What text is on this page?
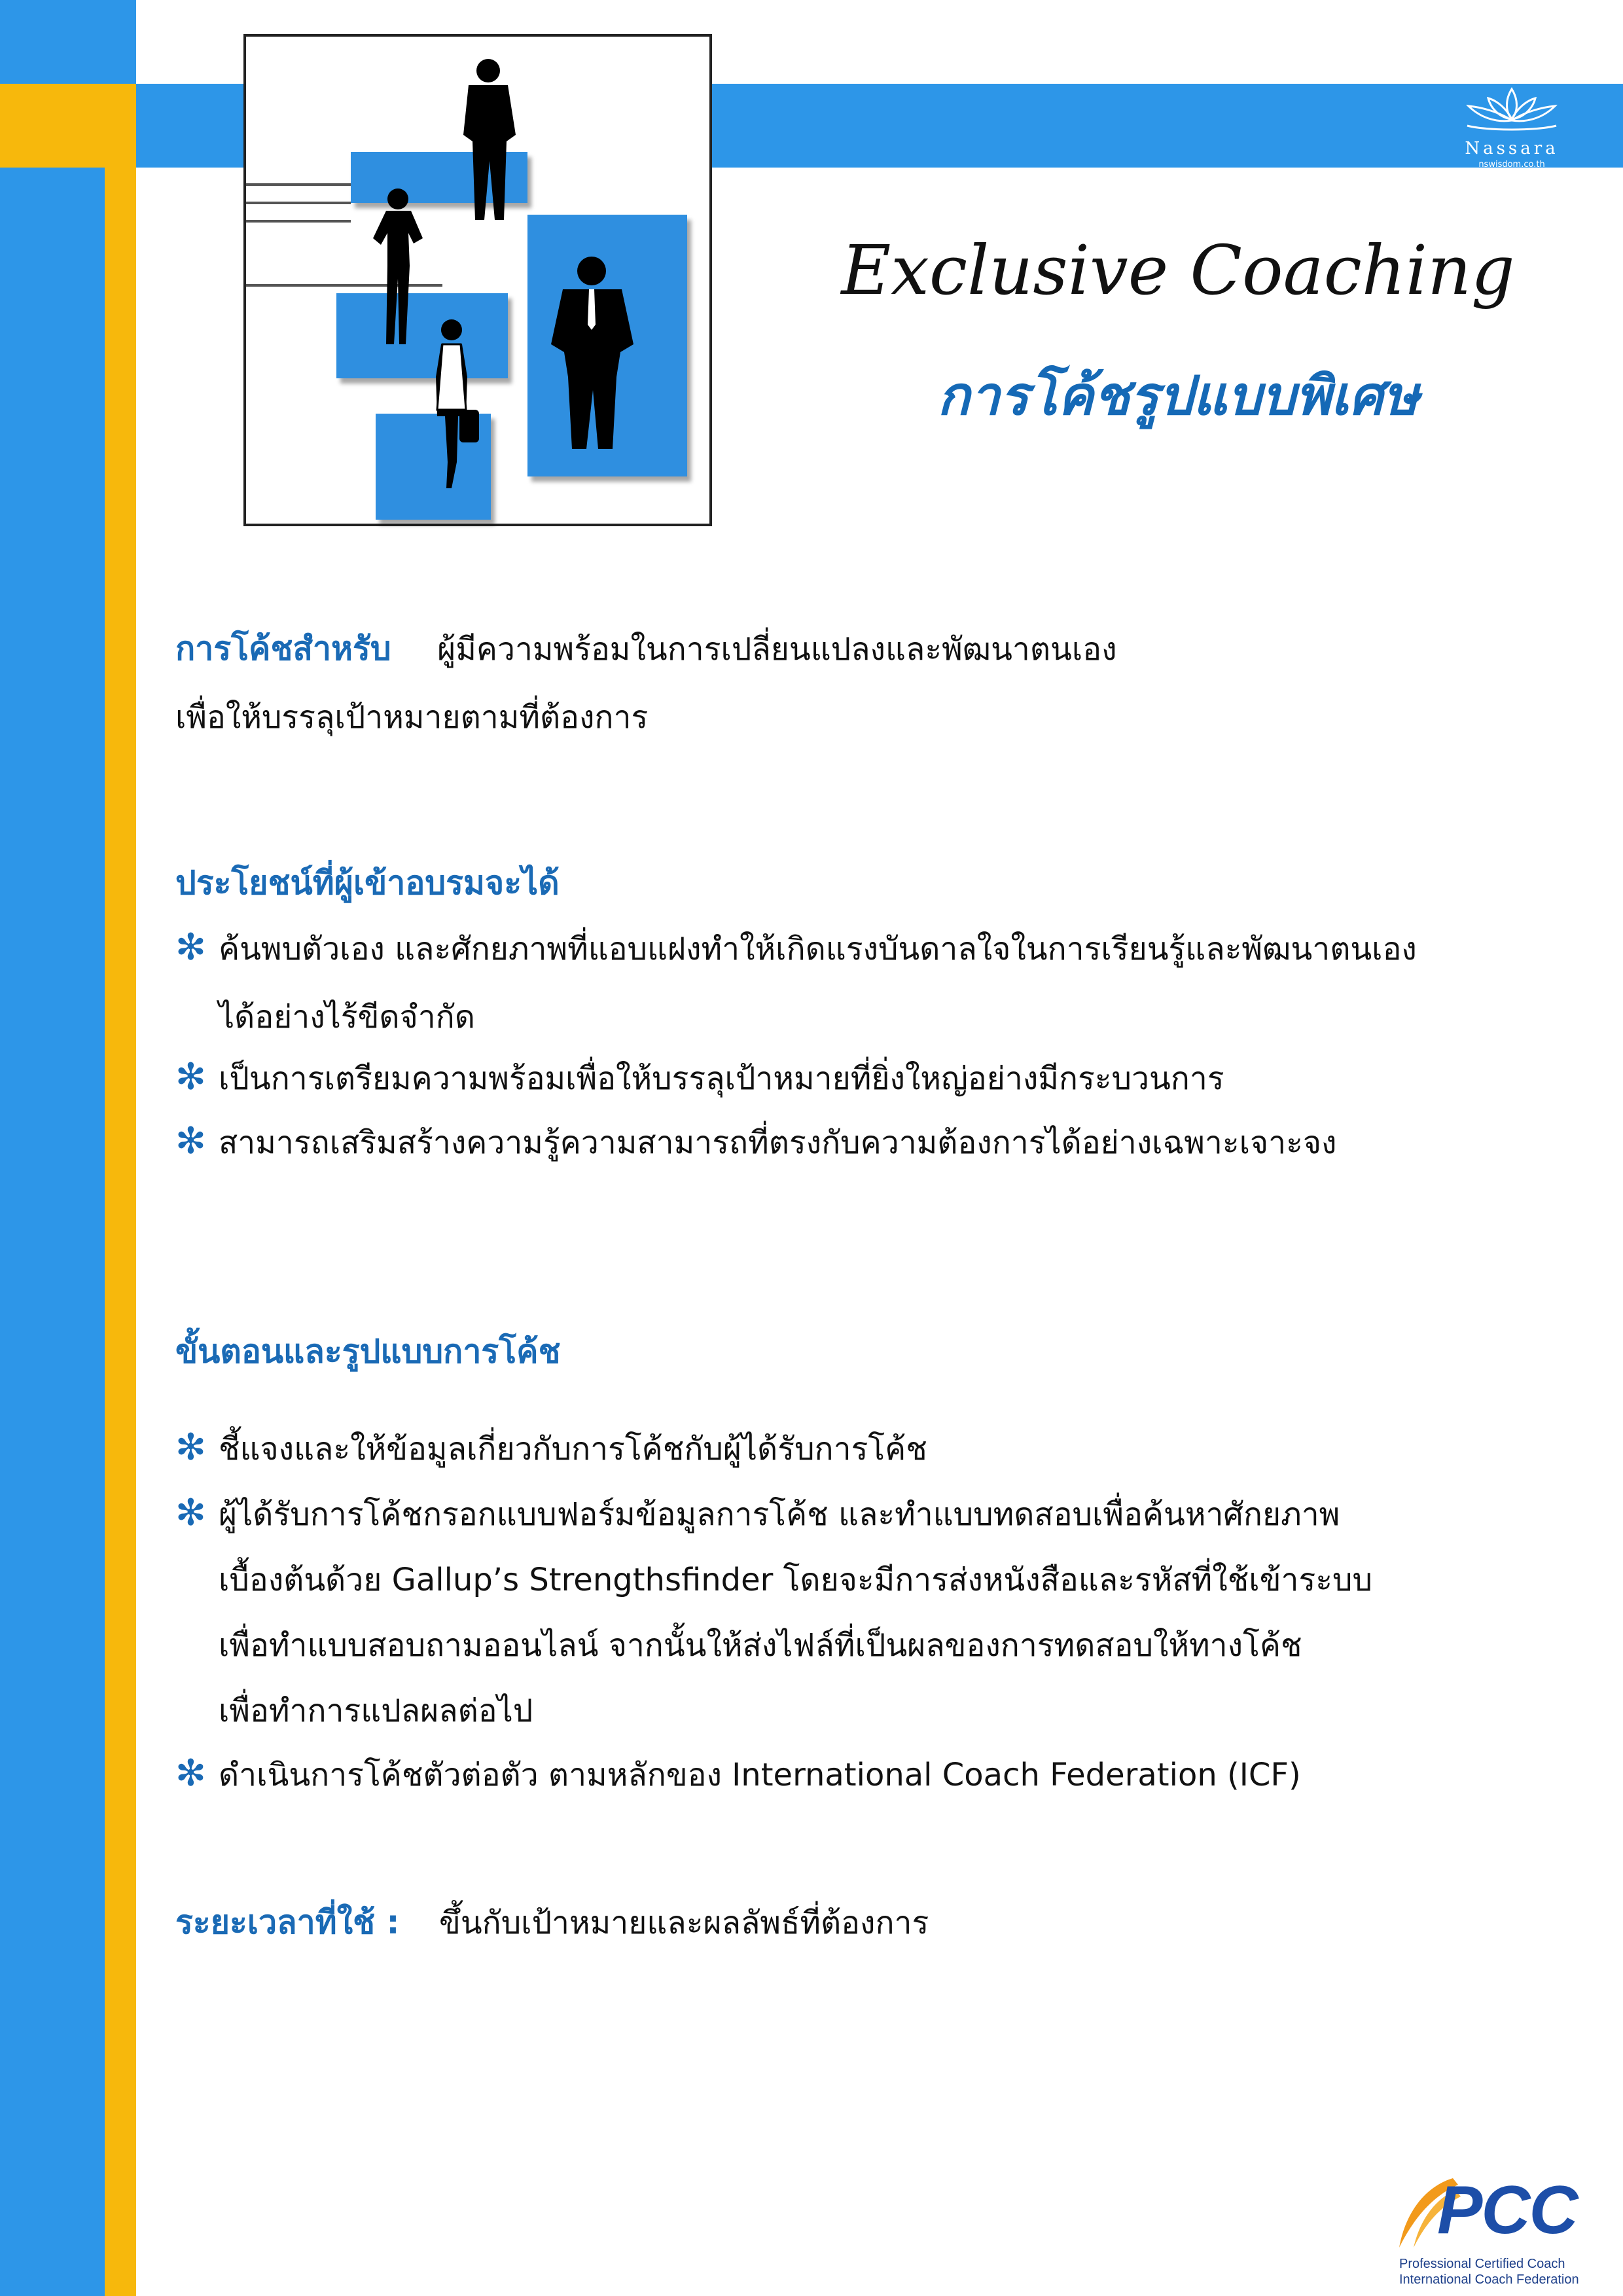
Nassara
nswisdom.co.th
Exclusive Coaching
การโค้ชรูปแบบพิเศษ
การโค้ชสำหรับ ผู้มีความพร้อมในการเปลี่ยนแปลงและพัฒนาตนเอง
เพื่อให้บรรลุเป้าหมายตามที่ต้องการ
ประโยชน์ที่ผู้เข้าอบรมจะได้
✻ ค้นพบตัวเอง และศักยภาพที่แอบแฝงทำให้เกิดแรงบันดาลใจในการเรียนรู้และพัฒนาตนเอง
ได้อย่างไร้ขีดจำกัด
✻ เป็นการเตรียมความพร้อมเพื่อให้บรรลุเป้าหมายที่ยิ่งใหญ่อย่างมีกระบวนการ
✻ สามารถเสริมสร้างความรู้ความสามารถที่ตรงกับความต้องการได้อย่างเฉพาะเจาะจง
ขั้นตอนและรูปแบบการโค้ช
✻ ชี้แจงและให้ข้อมูลเกี่ยวกับการโค้ชกับผู้ได้รับการโค้ช
✻ ผู้ได้รับการโค้ชกรอกแบบฟอร์มข้อมูลการโค้ช และทำแบบทดสอบเพื่อค้นหาศักยภาพ
เบื้องต้นด้วย Gallup’s Strengthsfinder โดยจะมีการส่งหนังสือและรหัสที่ใช้เข้าระบบ
เพื่อทำแบบสอบถามออนไลน์ จากนั้นให้ส่งไฟล์ที่เป็นผลของการทดสอบให้ทางโค้ช
เพื่อทำการแปลผลต่อไป
✻ ดำเนินการโค้ชตัวต่อตัว ตามหลักของ International Coach Federation (ICF)
ระยะเวลาที่ใช้ : ขึ้นกับเป้าหมายและผลลัพธ์ที่ต้องการ
PCC
Professional Certified Coach
International Coach Federation
